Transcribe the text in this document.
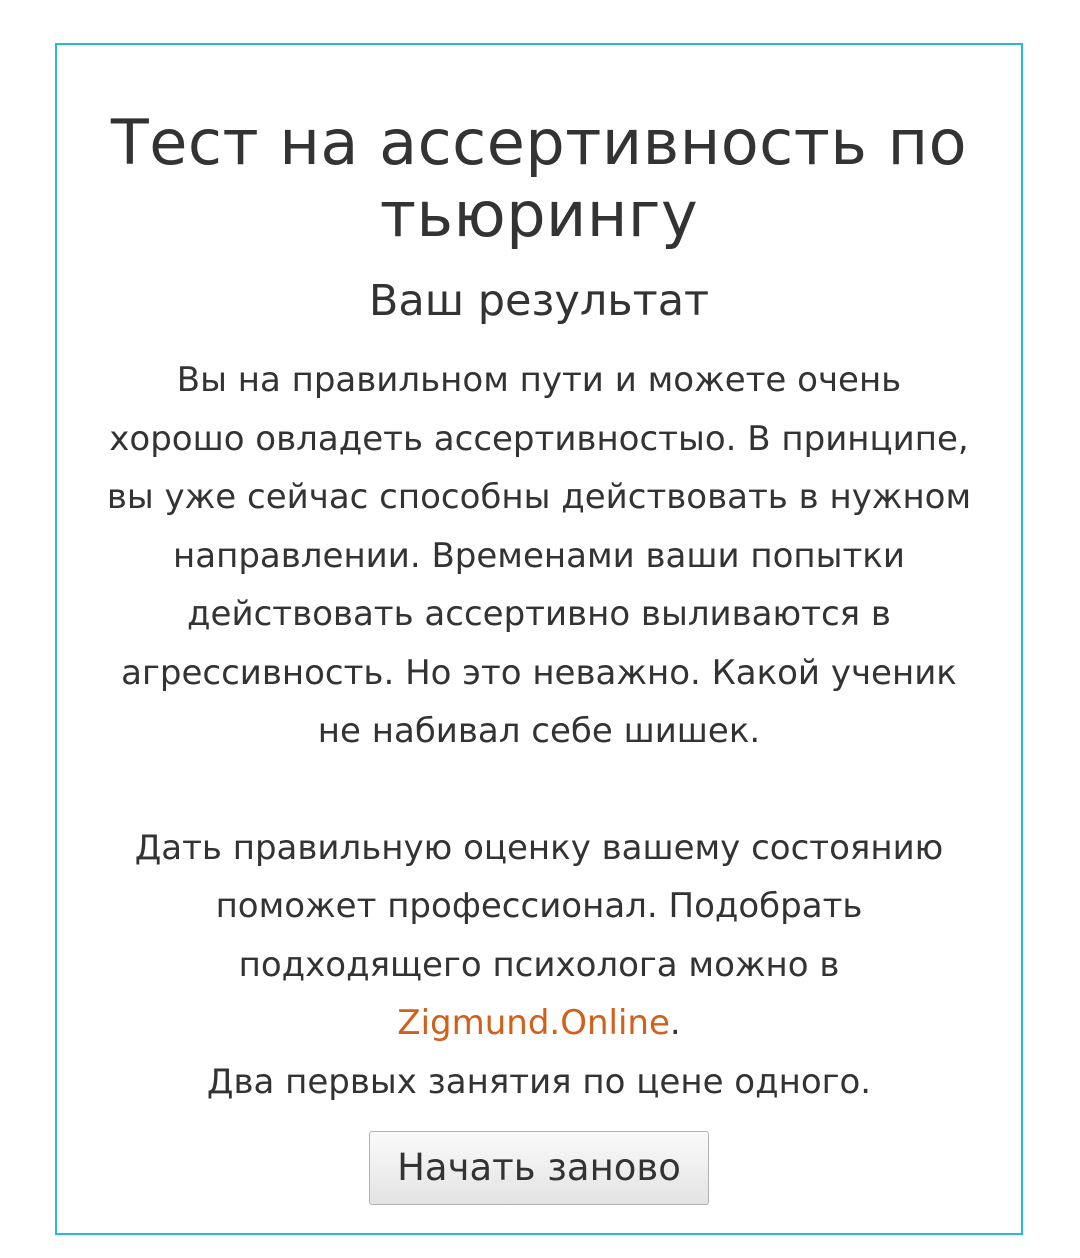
Тест на ассертивность по тьюрингу
Ваш результат
Вы на правильном пути и можете очень
хорошо овладеть ассертивностыо. В принципе,
вы уже сейчас способны действовать в нужном
направлении. Временами ваши попытки
действовать ассертивно выливаются в
агрессивность. Но это неважно. Какой ученик
не набивал себе шишек.
Дать правильную оценку вашему состоянию
поможет профессионал. Подобрать
подходящего психолога можно в
Zigmund.Online.
Два первых занятия по цене одного.
Начать заново
